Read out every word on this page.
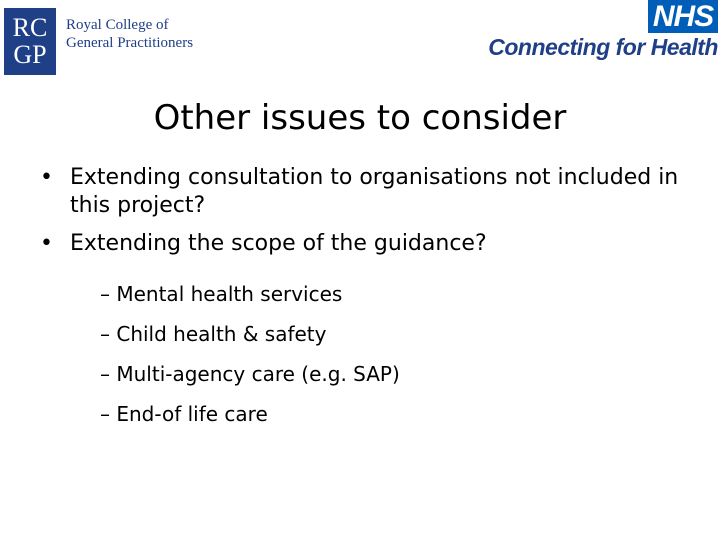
RC
GP
Royal College of
General Practitioners
NHS
Connecting for Health
Other issues to consider
• Extending consultation to organisations not included in this project?
• Extending the scope of the guidance?
– Mental health services
– Child health & safety
– Multi-agency care (e.g. SAP)
– End-of life care
